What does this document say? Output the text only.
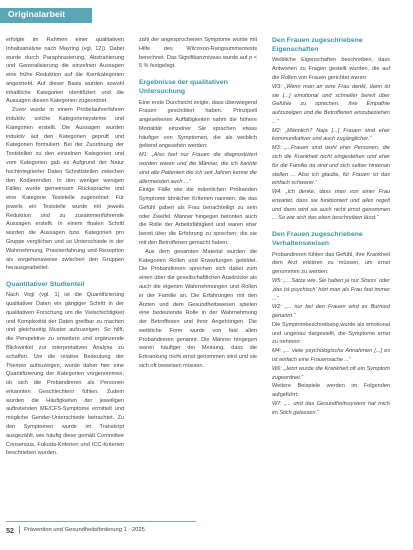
Originalarbeit

erfolgte im Rahmen einer qualitativen Inhaltsanalyse nach Mayring (vgl. 12)). Dabei wurde durch Paraphrasierung, Abstrahierung und Generalisierung die einzelnen Aussagen eine frühe Reduktion auf die Kernkategorien angestrebt. Auf dieser Basis wurden sowohl inhaltliche Kategorien identifiziert und die Aussagen diesen Kategorien zugeordnet.

Zuvor wurde in einem Probelaufverfahren induktiv, solche Kategoriensysteme und Kategorien erstellt. Die Aussagen wurden induktiv auf den Kategorien geprüft und Kategorien formuliert. Bei der Zuordnung der Textstellen zu den einzelnen Kategorien und vom Kategorien gab es Aufgrund der Natur hochintegrierter Daten Schnittstellen zwischen den Kodierenden. In den weniger wenigen Fällen wurde gemeinsam Rücksprache und eine Kategorie Textstelle zugeordnet. Für jeweils ein Textstelle wurde mit jeweils Reduktion und zu zusammenführende Aussagen erstellt. In einem finalen Schritt wurden die Aussagen bzw. Kategorien pro Gruppe verglichen und so Unterschiede in der Wahrnehmung, Praxiserfahrung und Rezeption als vorgehensweise zwischen den Gruppen herausgearbeitet.

Quantitativer Studienteil

Nach Vogl (vgl. 1) ist die Quantifizierung qualitativer Daten ein gängiger Schritt in der qualitativen Forschung um die Vielschichtigkeit und Komplexität der Daten greifbar zu machen und gleichzeitig Muster aufzuzeigen. So hilft, die Perspektive zu erweitern und ergänzende Blickwinkel zur interpretativen Analyse zu schaffen. Um die relative Bedeutung der Themen aufzuzeigen, wurde daher hier eine Quantifizierung der Kategorien vorgenommen, ob sich die Probandinnen als Personen erkannten Geschlechtern fühlen. Zudem wurden die Häufigkeiten der jeweiligen auftretenden ME/CFS-Symptome ermittelt und mögliche Gender-Unterschiede betrachtet. Zu den Symptomen wurde im Transkript ausgezählt, wie häufig diese gemäß Committee Consensus, Fukuda-Kriterien und ICC-Kriterien beschrieben wurden.

zahl der angesprochenen Symptome wurde mit Hilfe des Wilcoxon-Rangsummentests berechnet. Das Signifikanzniveau wurde auf p < 5 % festgelegt.

Ergebnisse der qualitativen Untersuchung

Eine erste Durchsicht zeigte, dass überwiegend Frauen geschildert haben. Prinzipiell angesehenen Auffälligkeiten nahm die höhere Mortalität einzelner Sie sprachen etwas häufiger von Symptomen, die als weiblich geltend angesehen werden:

M1: „Also fast nur Frauen die diagnostiziert worden waren und die Männer, die ich kannte sind alle Patienten die ich seit Jahren kenne die allermeisten auch ...“

Einige Fälle wie die männlichen Probanden Symptome ähnlicher Kriterien nannten, die das Gefühl gaben als Frau benachteiligt zu sein oder Zweifel. Männer hingegen betonten auch die Rolle der Arbeitsfähigkeit und waren eher bereit über die Erfahrung zu sprechen, die sie mit den Betroffenen gemacht haben.

Aus dem gesamten Material wurden die Kategorien Rollen und Erwartungen gebildet. Die Probandinnen sprechen sich dabei zum einen über die gesellschaftlichen Ausdrücke als auch die eigenen Wahrnehmungen und Rollen in der Familie an. Die Erfahrungen mit den Ärzten und dem Gesundheitswesen spielen eine bedeutende Rolle in der Wahrnehmung der Betroffenen und ihrer Angehörigen. Die weibliche Form wurde von fast allen Probandinnen genannt. Die Männer hingegen waren häufiger der Meinung, dass die Erkrankung nicht ernst genommen wird und sie sich oft beweisen müssen.

Den Frauen zugeschriebene Eigenschaften

Weibliche Eigenschaften beschreiben, dass Antworten zu Fragen gestellt wurden, die auf die Rollen von Frauen gerichtet waren:

W3: „Wenn man an eine Frau denkt, dann ist sie [...] emotional und schneller bereit über Gefühle zu sprechen, ihre Empathie aufzuzeigen und die Betroffenen einzubeziehen ...“

M2: „Männlich? Naja [...] Frauen sind eher kommunikativer und auch zugänglicher.“

M3: „...Frauen sind wohl eher Personen, die sich die Krankheit nicht eingestehen und eher für die Familie da sind und sich selber hintenan stellen ... Also ich glaube, für Frauen ist das einfach schwerer.“

W4: „Ich denke, dass man von einer Frau erwartet, dass sie funktioniert und alles regelt und dann wird sie auch nicht ernst genommen ... So wie sich das eben beschreiben lässt.“

Den Frauen zugeschriebene Verhaltensweisen

Probandinnen fühlen das Gefühl, ihre Krankheit dem Arzt erklären zu müssen, um ernst genommen zu werden:

W5: „... Sätze wie ‚Sie haben ja nur Stress‘ oder ‚das ist psychisch‘ hört man als Frau fast immer ...“

W2: „... nur bei den Frauen wird es Burnout genannt.“

Die Symptombeschreibung wurde als emotional und ungenau dargestellt, die Symptome ernst zu nehmen:

M4: „... viele psychologische Annahmen [...] es ist einfach eine Frauensache ...“

W6: „Jetzt wurde die Krankheit oft ein Symptom zugeordnet.“

Weitere Beispiele werden im Folgenden aufgeführt:

W7: „... und das Gesundheitssystem hat mich im Stich gelassen.“

52 Prävention und Gesundheitsförderung 1 · 2025
